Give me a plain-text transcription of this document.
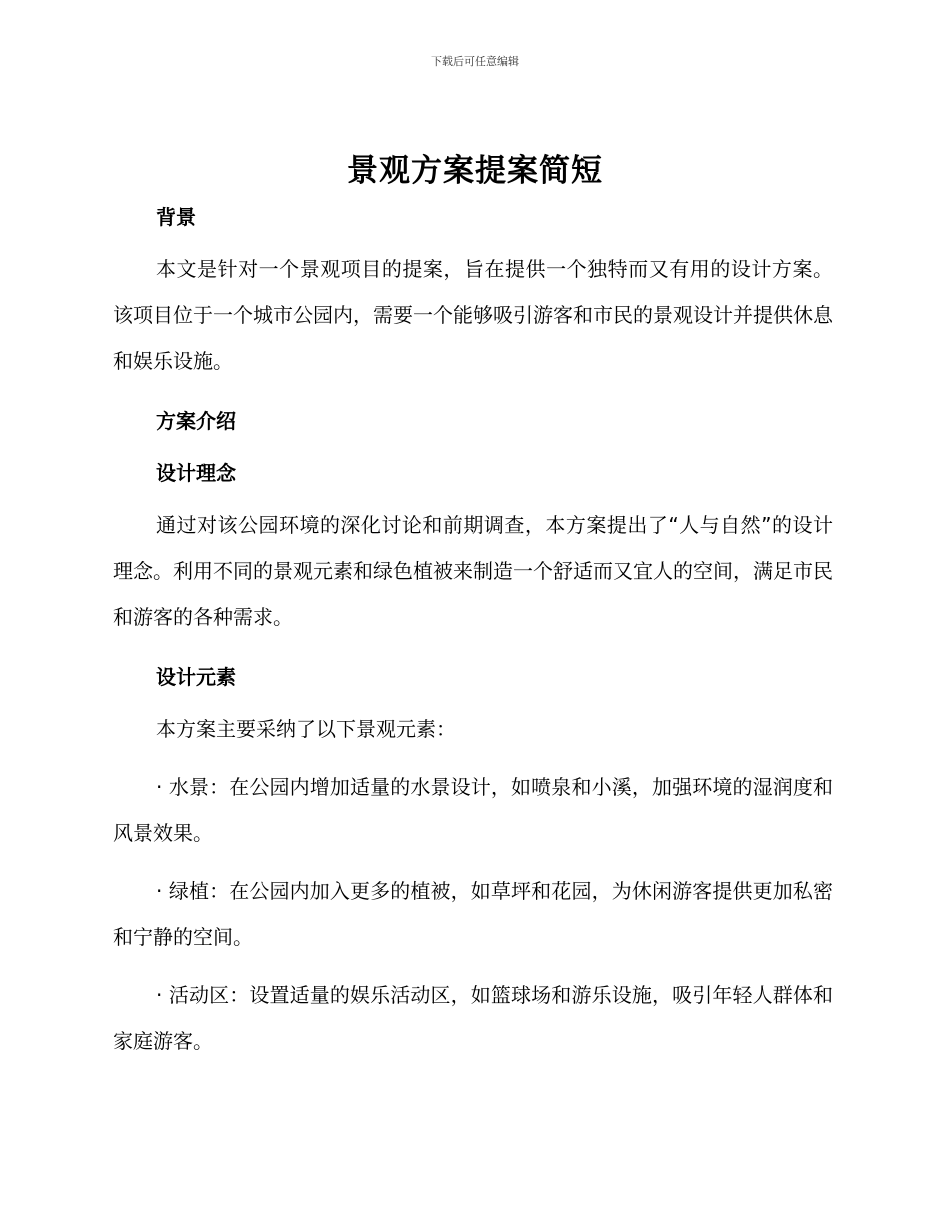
下载后可任意编辑
景观方案提案简短

背景

本文是针对一个景观项目的提案，旨在提供一个独特而又有用的设计方案。该项目位于一个城市公园内，需要一个能够吸引游客和市民的景观设计并提供休息和娱乐设施。

方案介绍

设计理念

通过对该公园环境的深化讨论和前期调查，本方案提出了“人与自然”的设计理念。利用不同的景观元素和绿色植被来制造一个舒适而又宜人的空间，满足市民和游客的各种需求。

设计元素

本方案主要采纳了以下景观元素：

· 水景：在公园内增加适量的水景设计，如喷泉和小溪，加强环境的湿润度和风景效果。

· 绿植：在公园内加入更多的植被，如草坪和花园，为休闲游客提供更加私密和宁静的空间。

· 活动区：设置适量的娱乐活动区，如篮球场和游乐设施，吸引年轻人群体和家庭游客。
